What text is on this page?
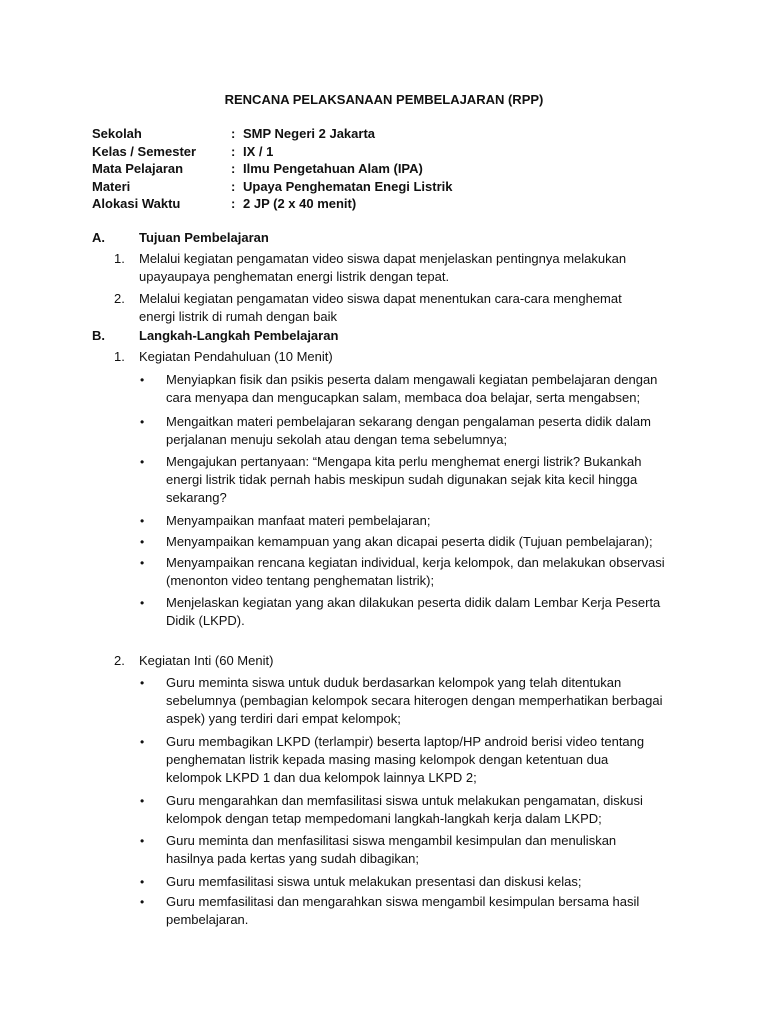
RENCANA PELAKSANAAN PEMBELAJARAN (RPP)
Sekolah	: SMP Negeri 2 Jakarta
Kelas / Semester	: IX / 1
Mata Pelajaran	: Ilmu Pengetahuan Alam (IPA)
Materi	: Upaya Penghematan Enegi Listrik
Alokasi Waktu	: 2 JP (2 x 40 menit)
A.	Tujuan Pembelajaran
1.	Melalui kegiatan pengamatan video siswa dapat menjelaskan pentingnya melakukan upayaupaya penghematan energi listrik dengan tepat.
2.	Melalui kegiatan pengamatan video siswa dapat menentukan cara-cara menghemat energi listrik di rumah dengan baik
B.	Langkah-Langkah Pembelajaran
1.	Kegiatan Pendahuluan (10 Menit)
•	Menyiapkan fisik dan psikis peserta dalam mengawali kegiatan pembelajaran dengan cara menyapa dan mengucapkan salam, membaca doa belajar, serta mengabsen;
•	Mengaitkan materi pembelajaran sekarang dengan pengalaman peserta didik dalam perjalanan menuju sekolah atau dengan tema sebelumnya;
•	Mengajukan pertanyaan: “Mengapa kita perlu menghemat energi listrik? Bukankah energi listrik tidak pernah habis meskipun sudah digunakan sejak kita kecil hingga sekarang?
•	Menyampaikan manfaat materi pembelajaran;
•	Menyampaikan kemampuan yang akan dicapai peserta didik (Tujuan pembelajaran);
•	Menyampaikan rencana kegiatan individual, kerja kelompok, dan melakukan observasi (menonton video tentang penghematan listrik);
•	Menjelaskan kegiatan yang akan dilakukan peserta didik dalam Lembar Kerja Peserta Didik (LKPD).
2.	Kegiatan Inti (60 Menit)
•	Guru meminta siswa untuk duduk berdasarkan kelompok yang telah ditentukan sebelumnya (pembagian kelompok secara hiterogen dengan memperhatikan berbagai aspek) yang terdiri dari empat kelompok;
•	Guru membagikan LKPD (terlampir) beserta laptop/HP android berisi video tentang penghematan listrik kepada masing masing kelompok dengan ketentuan dua kelompok LKPD 1 dan dua kelompok lainnya LKPD 2;
•	Guru mengarahkan dan memfasilitasi siswa untuk melakukan pengamatan, diskusi kelompok dengan tetap mempedomani langkah-langkah kerja dalam LKPD;
•	Guru meminta dan menfasilitasi siswa mengambil kesimpulan dan menuliskan hasilnya pada kertas yang sudah dibagikan;
•	Guru memfasilitasi siswa untuk melakukan presentasi dan diskusi kelas;
•	Guru memfasilitasi dan mengarahkan siswa mengambil kesimpulan bersama hasil pembelajaran.
